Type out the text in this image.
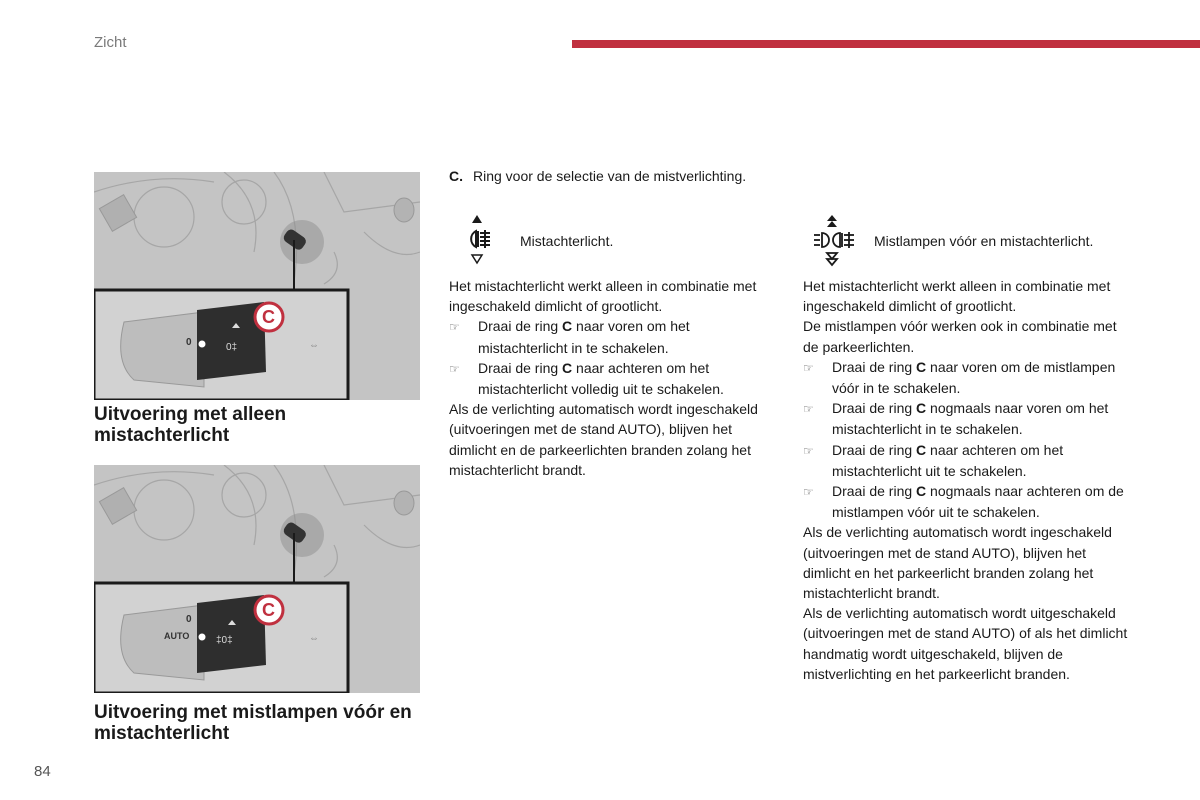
Zicht
0	0‡
C
⇔
Uitvoering met alleen mistachterlicht
0
AUTO	‡0‡
C
⇔
Uitvoering met mistlampen vóór en mistachterlicht
C. Ring voor de selectie van de mistverlichting.
Mistachterlicht.	Mistlampen vóór en mistachterlicht.

Het mistachterlicht werkt alleen in combinatie met ingeschakeld dimlicht of grootlicht.

☞ Draai de ring C naar voren om het mistachterlicht in te schakelen.

☞ Draai de ring C naar achteren om het mistachterlicht volledig uit te schakelen.

Als de verlichting automatisch wordt ingeschakeld (uitvoeringen met de stand AUTO), blijven het dimlicht en de parkeerlichten branden zolang het mistachterlicht brandt.

Het mistachterlicht werkt alleen in combinatie met ingeschakeld dimlicht of grootlicht.

De mistlampen vóór werken ook in combinatie met de parkeerlichten.

☞ Draai de ring C naar voren om de mistlampen vóór in te schakelen.

☞ Draai de ring C nogmaals naar voren om het mistachterlicht in te schakelen.

☞ Draai de ring C naar achteren om het mistachterlicht uit te schakelen.

☞ Draai de ring C nogmaals naar achteren om de mistlampen vóór uit te schakelen.

Als de verlichting automatisch wordt ingeschakeld (uitvoeringen met de stand AUTO), blijven het dimlicht en het parkeerlicht branden zolang het mistachterlicht brandt.

Als de verlichting automatisch wordt uitgeschakeld (uitvoeringen met de stand AUTO) of als het dimlicht handmatig wordt uitgeschakeld, blijven de mistverlichting en het parkeerlicht branden.

84
